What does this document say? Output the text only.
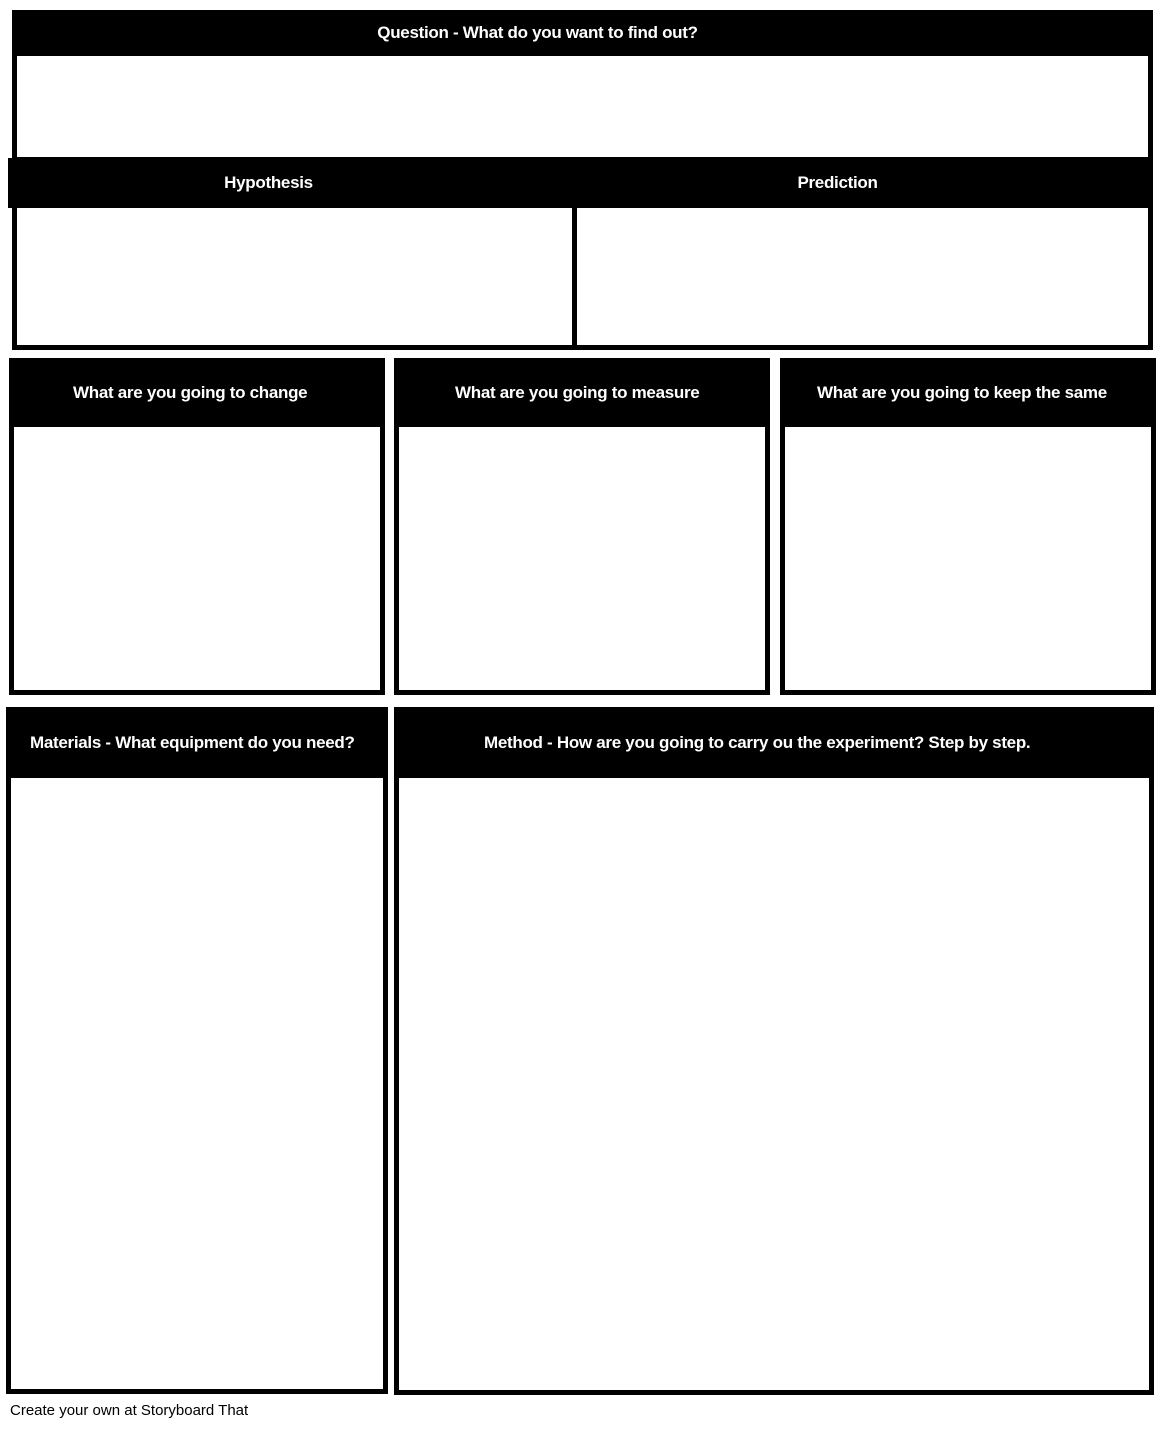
Question - What do you want to find out?
Hypothesis	Prediction
What are you going to change	What are you going to measure	What are you going to keep the same
Materials - What equipment do you need?	Method - How are you going to carry ou the experiment? Step by step.
Create your own at Storyboard That
